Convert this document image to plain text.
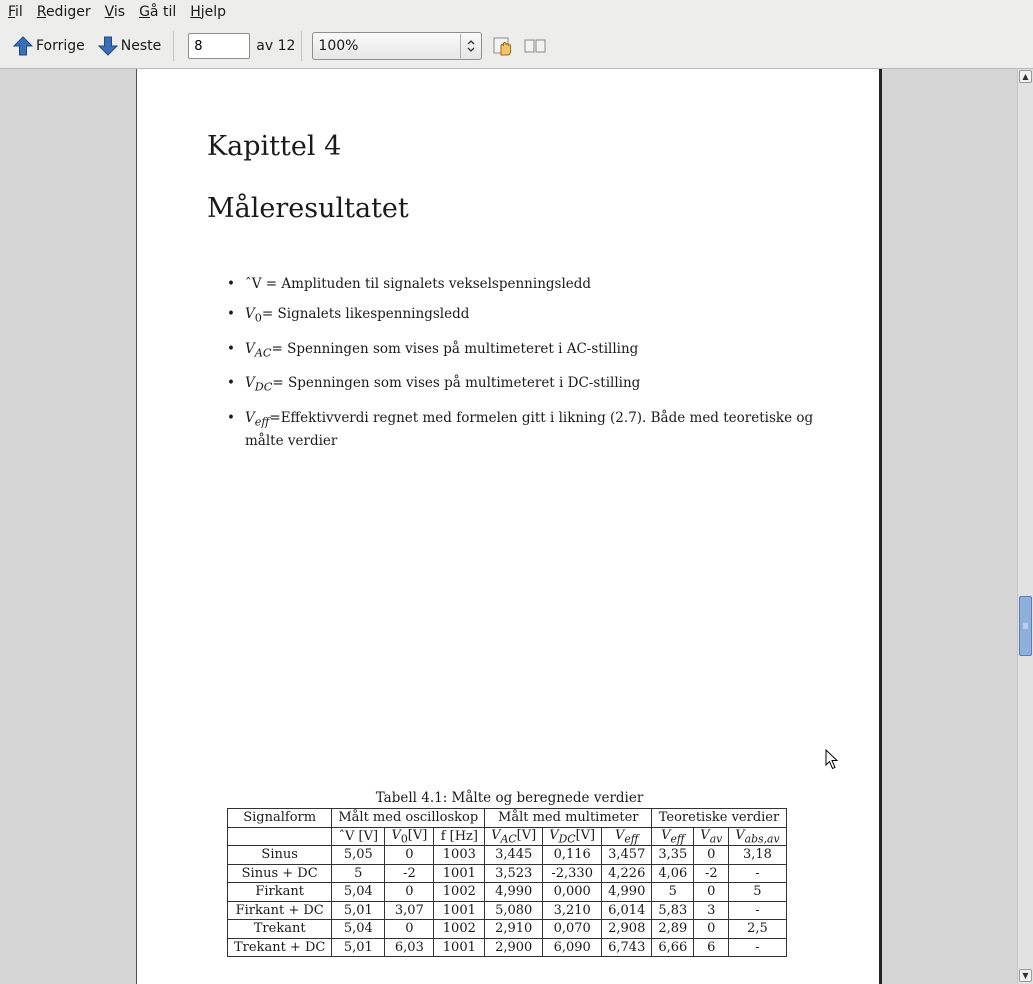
Fil	Rediger	Vis	Gå til	Hjelp
Forrige	Neste
8	av 12	100%
Kapittel 4
Måleresultatet
• ˆV = Amplituden til signalets vekselspenningsledd
• $V_0=$ Signalets likespenningsledd
• $V_{AC}=$ Spenningen som vises på multimeteret i AC-stilling
• $V_{DC}=$ Spenningen som vises på multimeteret i DC-stilling
• $V_{eff}=Effektivverdi$ regnet med formelen gitt i likning (2.7). Både med teoretiske og målte verdier
Tabell 4.1: Målte og beregnede verdier
Signalform	Målt med oscilloskop			Målt med multimeter			Teoretiske verdier		
	ˆV [V]	$V_0[V]$	f [Hz]	$V_{AC}[V]$	$V_{DC}[V]$	$V_{eff}$	$V_{eff}$	$V_{av}$	$V_{abs,av}$
Sinus	5,05	0	1003	3,445	0,116	3,457	3,35	0	3,18
Sinus + DC	5	-2	1001	3,523	-2,330	4,226	4,06	-2	-
Firkant	5,04	0	1002	4,990	0,000	4,990	5	0	5
Firkant + DC	5,01	3,07	1001	5,080	3,210	6,014	5,83	3	-
Trekant	5,04	0	1002	2,910	0,070	2,908	2,89	0	2,5
Trekant + DC	5,01	6,03	1001	2,900	6,090	6,743	6,66	6	-
▲
▼
